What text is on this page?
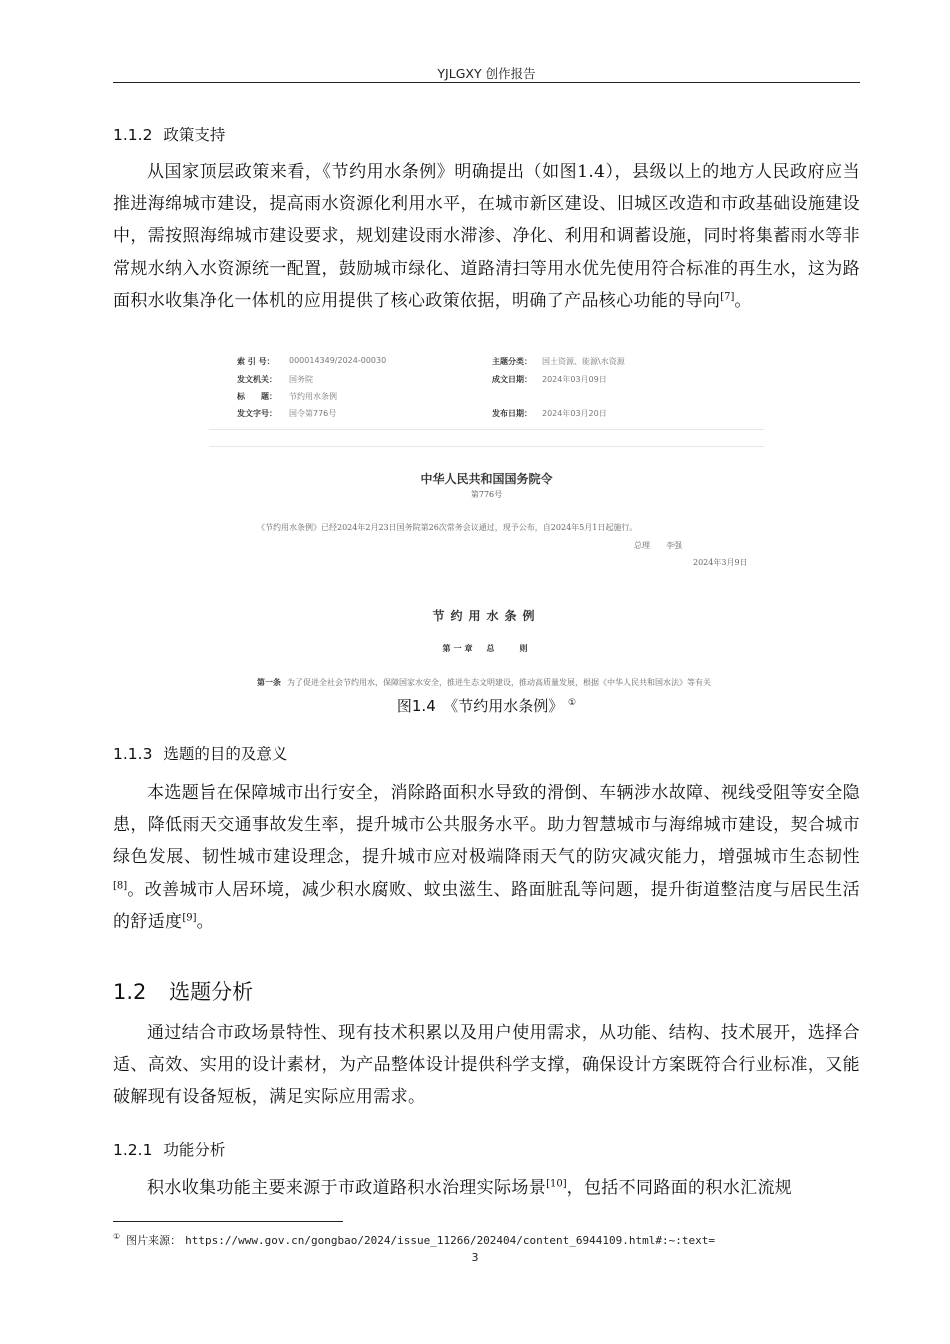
YJLGXY 创作报告
1.1.2 政策支持

从国家顶层政策来看，《节约用水条例》明确提出（如图1.4），县级以上的地方人民政府应当推进海绵城市建设，提高雨水资源化利用水平，在城市新区建设、旧城区改造和市政基础设施建设中，需按照海绵城市建设要求，规划建设雨水滞渗、净化、利用和调蓄设施，同时将集蓄雨水等非常规水纳入水资源统一配置，鼓励城市绿化、道路清扫等用水优先使用符合标准的再生水，这为路面积水收集净化一体机的应用提供了核心政策依据，明确了产品核心功能的导向[7]。

索 引 号： 000014349/2024-00030	主题分类： 国土资源、能源\水资源
发文机关： 国务院	成文日期： 2024年03月09日
标　　题： 节约用水条例
发文字号： 国令第776号	发布日期： 2024年03月20日
中华人民共和国国务院令
第776号
《节约用水条例》已经2024年2月23日国务院第26次常务会议通过，现予公布，自2024年5月1日起施行。
总理　　李强
2024年3月9日
节约用水条例
第一章　总　　则
第一条 为了促进全社会节约用水，保障国家水安全，推进生态文明建设，推动高质量发展，根据《中华人民共和国水法》等有关
图1.4　《节约用水条例》 ①
1.1.3 选题的目的及意义

本选题旨在保障城市出行安全，消除路面积水导致的滑倒、车辆涉水故障、视线受阻等安全隐患，降低雨天交通事故发生率，提升城市公共服务水平。助力智慧城市与海绵城市建设，契合城市绿色发展、韧性城市建设理念，提升城市应对极端降雨天气的防灾减灾能力，增强城市生态韧性[8]。改善城市人居环境，减少积水腐败、蚊虫滋生、路面脏乱等问题，提升街道整洁度与居民生活的舒适度[9]。

1.2 选题分析

通过结合市政场景特性、现有技术积累以及用户使用需求，从功能、结构、技术展开，选择合适、高效、实用的设计素材，为产品整体设计提供科学支撑，确保设计方案既符合行业标准，又能破解现有设备短板，满足实际应用需求。

1.2.1 功能分析

积水收集功能主要来源于市政道路积水治理实际场景[10]，包括不同路面的积水汇流规

① 图片来源： https://www.gov.cn/gongbao/2024/issue_11266/202404/content_6944109.html#:~:text=
3
